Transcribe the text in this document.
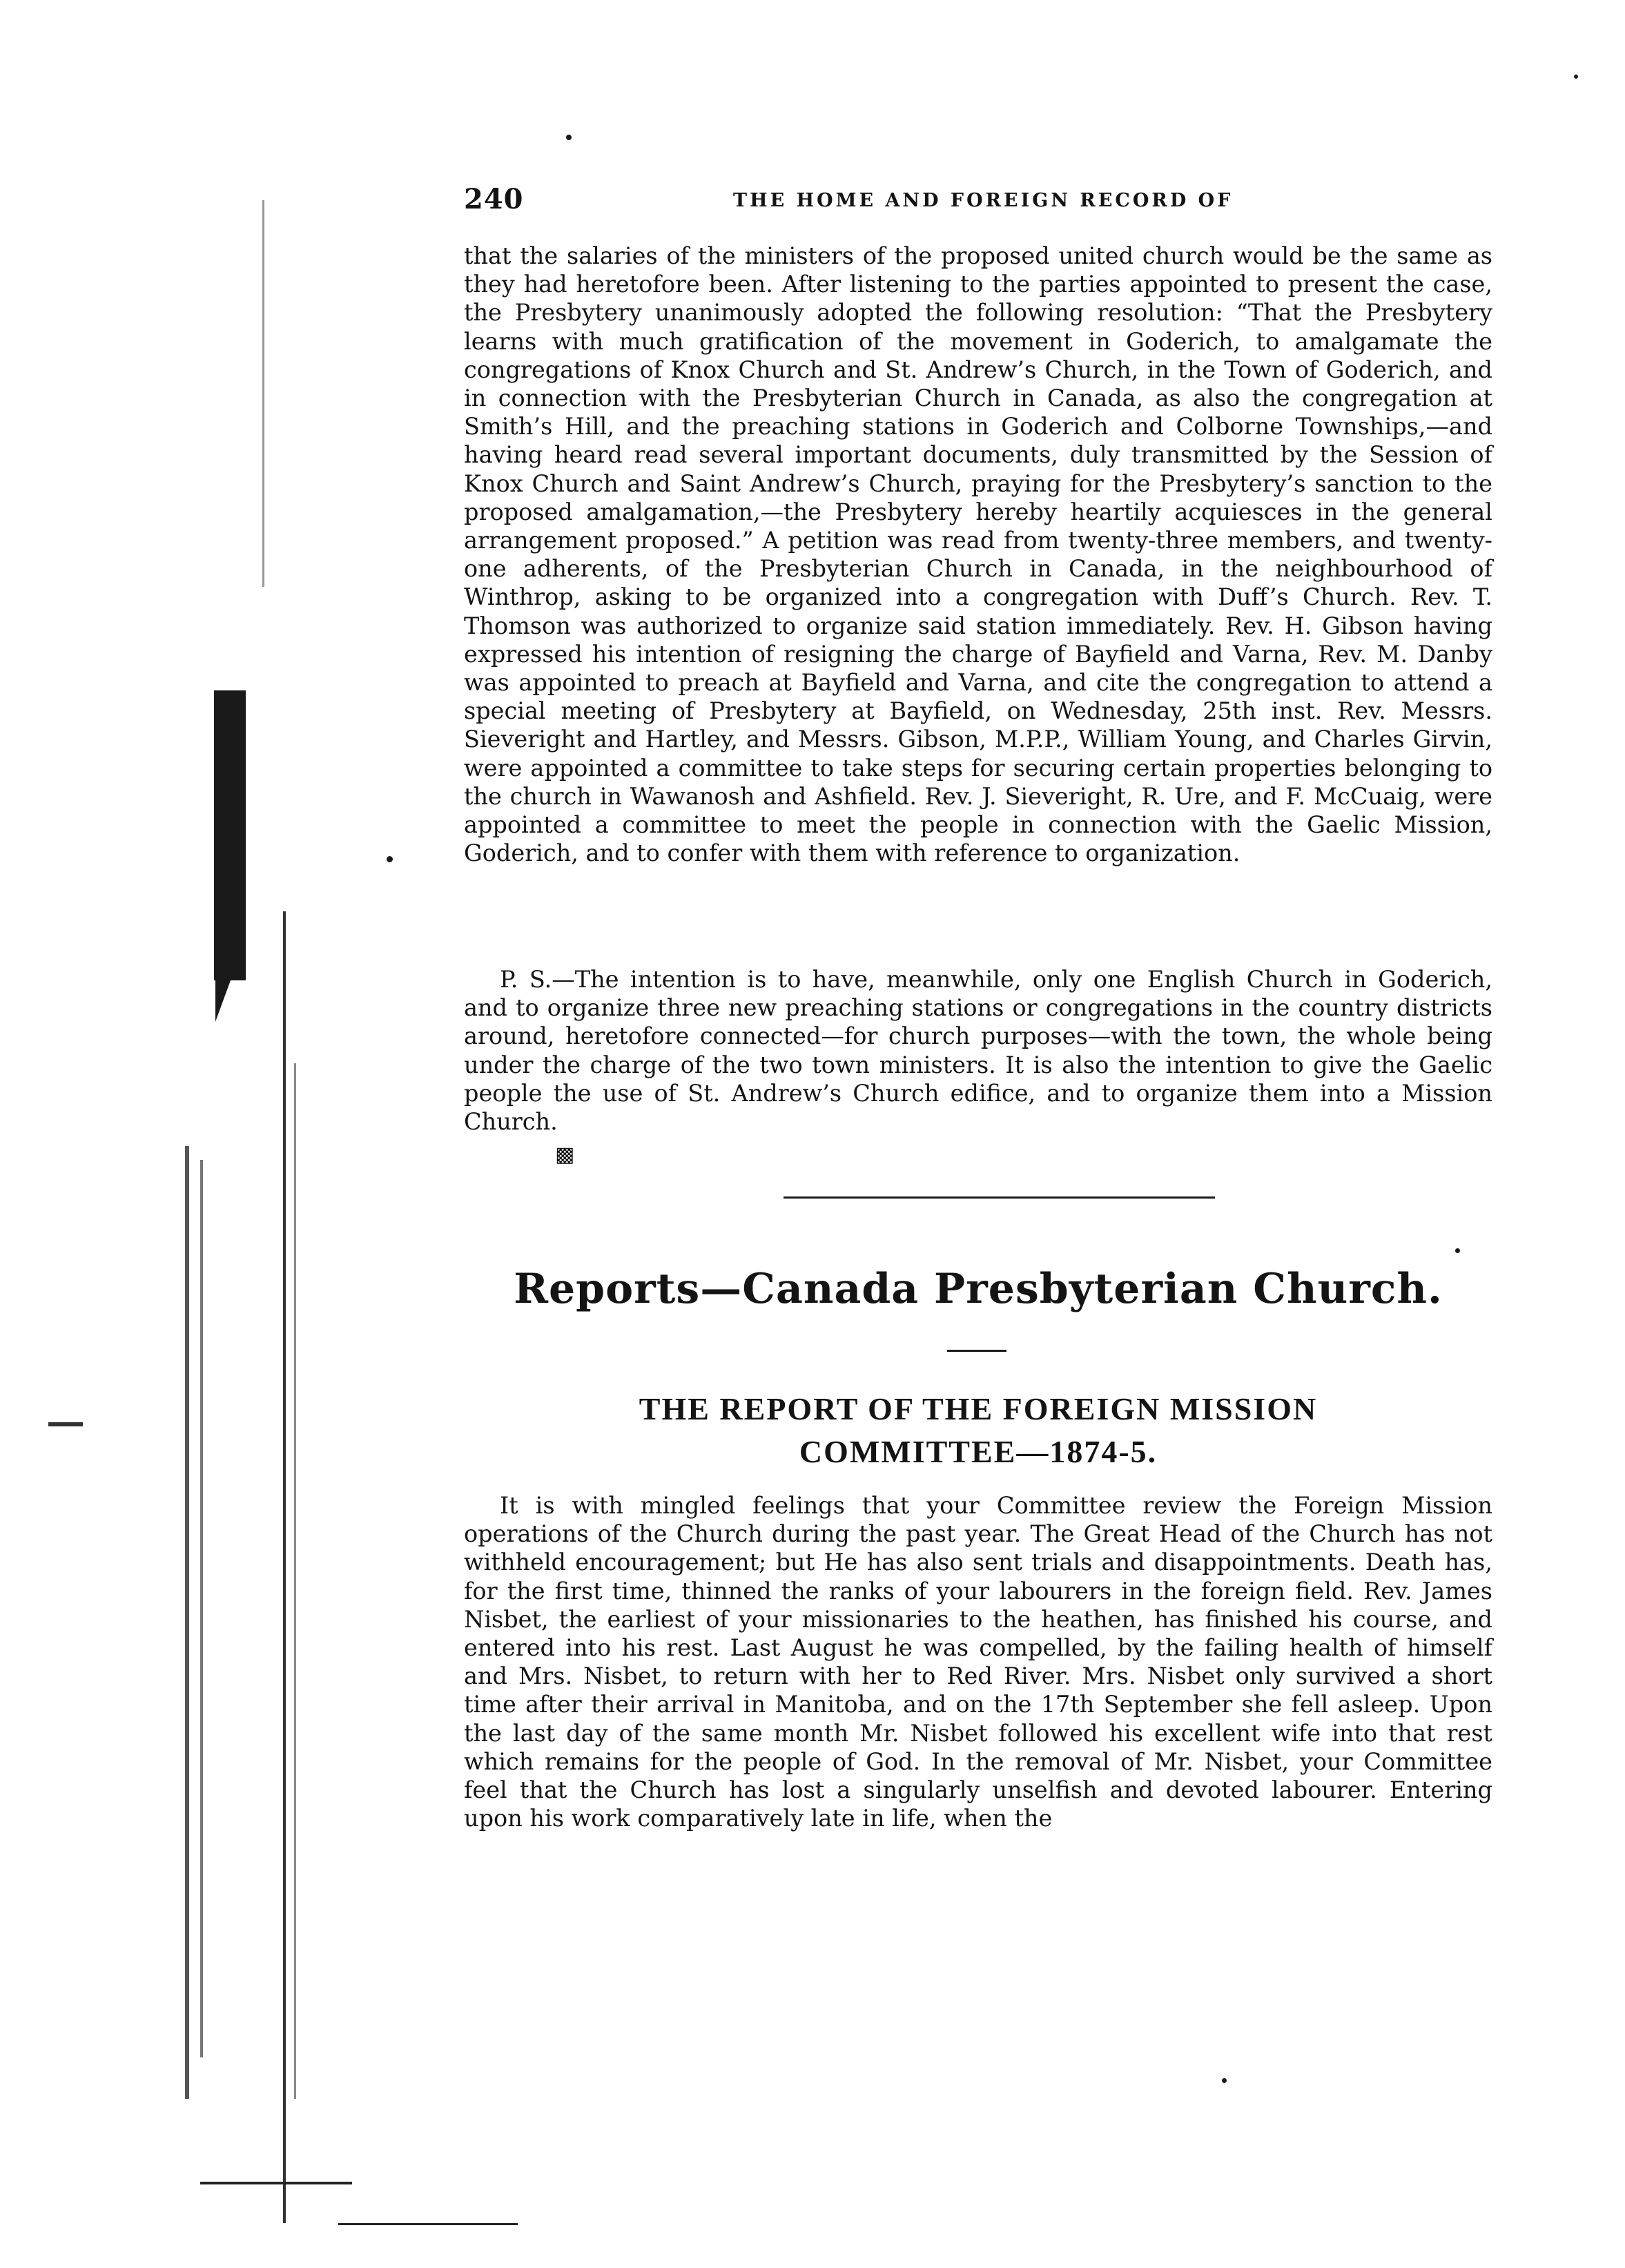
240	THE HOME AND FOREIGN RECORD OF

that the salaries of the ministers of the proposed united church would be the same as they had heretofore been. After listening to the parties appointed to present the case, the Presbytery unanimously adopted the following resolution: “That the Presbytery learns with much gratification of the movement in Goderich, to amalgamate the congregations of Knox Church and St. Andrew’s Church, in the Town of Goderich, and in connection with the Presbyterian Church in Canada, as also the congregation at Smith’s Hill, and the preaching stations in Goderich and Colborne Townships,—and having heard read several important documents, duly transmitted by the Session of Knox Church and Saint Andrew’s Church, praying for the Presbytery’s sanction to the proposed amalgamation,—the Presbytery hereby heartily acquiesces in the general arrangement proposed.” A petition was read from twenty-three members, and twenty-one adherents, of the Presbyterian Church in Canada, in the neighbourhood of Winthrop, asking to be organized into a congregation with Duff’s Church. Rev. T. Thomson was authorized to organize said station immediately. Rev. H. Gibson having expressed his intention of resigning the charge of Bayfield and Varna, Rev. M. Danby was appointed to preach at Bayfield and Varna, and cite the congregation to attend a special meeting of Presbytery at Bayfield, on Wednesday, 25th inst. Rev. Messrs. Sieveright and Hartley, and Messrs. Gibson, M.P.P., William Young, and Charles Girvin, were appointed a committee to take steps for securing certain properties belonging to the church in Wawanosh and Ashfield. Rev. J. Sieveright, R. Ure, and F. McCuaig, were appointed a committee to meet the people in connection with the Gaelic Mission, Goderich, and to confer with them with reference to organization.

P. S.—The intention is to have, meanwhile, only one English Church in Goderich, and to organize three new preaching stations or congregations in the country districts around, heretofore connected—for church purposes—with the town, the whole being under the charge of the two town ministers. It is also the intention to give the Gaelic people the use of St. Andrew’s Church edifice, and to organize them into a Mission Church.

▩
Reports—Canada Presbyterian Church.
THE REPORT OF THE FOREIGN MISSION
COMMITTEE—1874-5.

It is with mingled feelings that your Committee review the Foreign Mission operations of the Church during the past year. The Great Head of the Church has not withheld encouragement; but He has also sent trials and disappointments. Death has, for the first time, thinned the ranks of your labourers in the foreign field. Rev. James Nisbet, the earliest of your missionaries to the heathen, has finished his course, and entered into his rest. Last August he was compelled, by the failing health of himself and Mrs. Nisbet, to return with her to Red River. Mrs. Nisbet only survived a short time after their arrival in Manitoba, and on the 17th September she fell asleep. Upon the last day of the same month Mr. Nisbet followed his excellent wife into that rest which remains for the people of God. In the removal of Mr. Nisbet, your Committee feel that the Church has lost a singularly unselfish and devoted labourer. Entering upon his work comparatively late in life, when the
